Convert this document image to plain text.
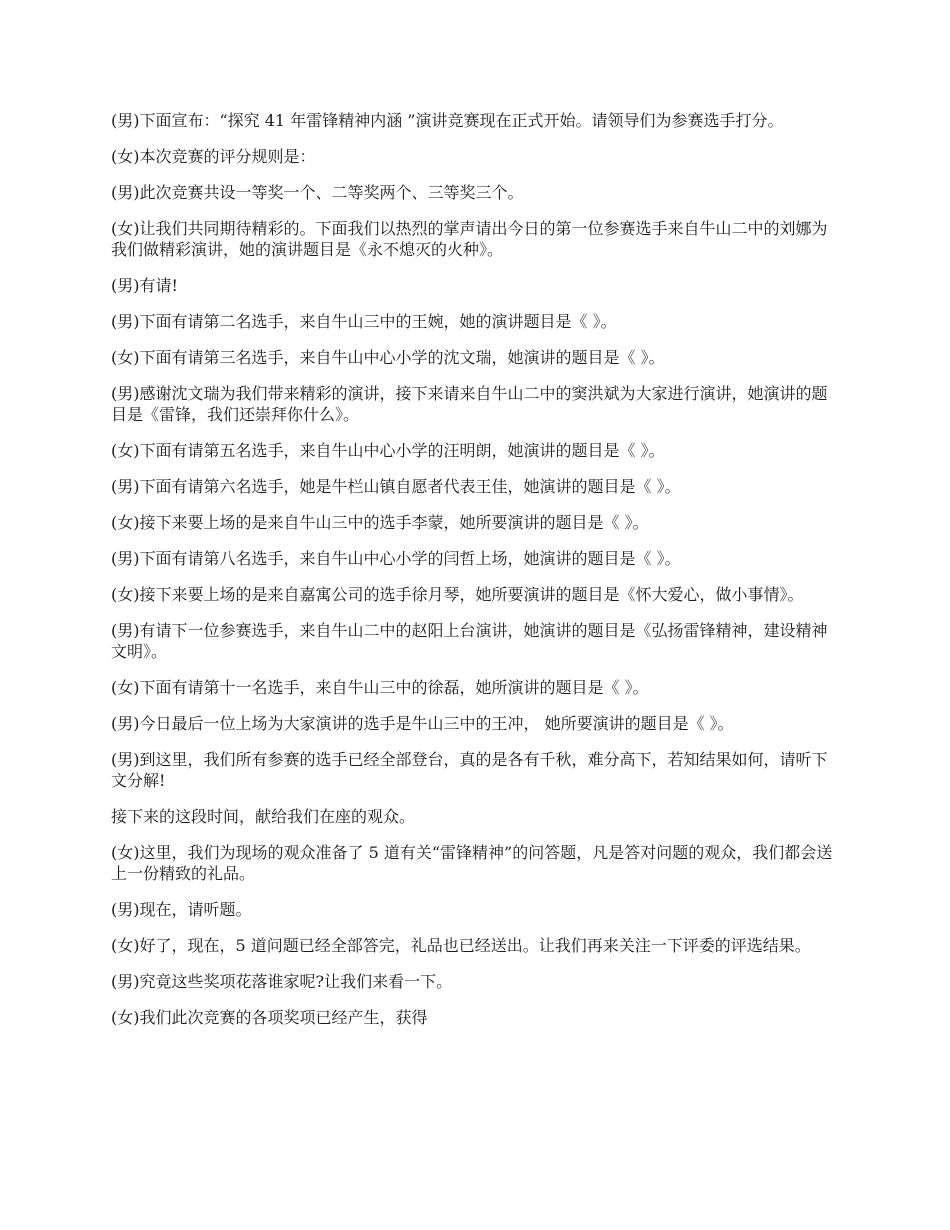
(男)下面宣布：“探究 41 年雷锋精神内涵 ”演讲竞赛现在正式开始。请领导们为参赛选手打分。

(女)本次竞赛的评分规则是：

(男)此次竞赛共设一等奖一个、二等奖两个、三等奖三个。

(女)让我们共同期待精彩的。下面我们以热烈的掌声请出今日的第一位参赛选手来自牛山二中的刘娜为我们做精彩演讲，她的演讲题目是《永不熄灭的火种》。

(男)有请!

(男)下面有请第二名选手，来自牛山三中的王婉，她的演讲题目是《 》。

(女)下面有请第三名选手，来自牛山中心小学的沈文瑞，她演讲的题目是《 》。

(男)感谢沈文瑞为我们带来精彩的演讲，接下来请来自牛山二中的窦洪斌为大家进行演讲，她演讲的题目是《雷锋，我们还崇拜你什么》。

(女)下面有请第五名选手，来自牛山中心小学的汪明朗，她演讲的题目是《 》。

(男)下面有请第六名选手，她是牛栏山镇自愿者代表王佳，她演讲的题目是《 》。

(女)接下来要上场的是来自牛山三中的选手李蒙，她所要演讲的题目是《 》。

(男)下面有请第八名选手，来自牛山中心小学的闫哲上场，她演讲的题目是《 》。

(女)接下来要上场的是来自嘉寓公司的选手徐月琴，她所要演讲的题目是《怀大爱心，做小事情》。

(男)有请下一位参赛选手，来自牛山二中的赵阳上台演讲，她演讲的题目是《弘扬雷锋精神，建设精神文明》。

(女)下面有请第十一名选手，来自牛山三中的徐磊，她所演讲的题目是《 》。

(男)今日最后一位上场为大家演讲的选手是牛山三中的王冲， 她所要演讲的题目是《 》。

(男)到这里，我们所有参赛的选手已经全部登台，真的是各有千秋，难分高下，若知结果如何，请听下文分解!

接下来的这段时间，献给我们在座的观众。

(女)这里，我们为现场的观众准备了 5 道有关“雷锋精神”的问答题，凡是答对问题的观众，我们都会送上一份精致的礼品。

(男)现在，请听题。

(女)好了，现在，5 道问题已经全部答完，礼品也已经送出。让我们再来关注一下评委的评选结果。

(男)究竟这些奖项花落谁家呢?让我们来看一下。

(女)我们此次竞赛的各项奖项已经产生，获得
